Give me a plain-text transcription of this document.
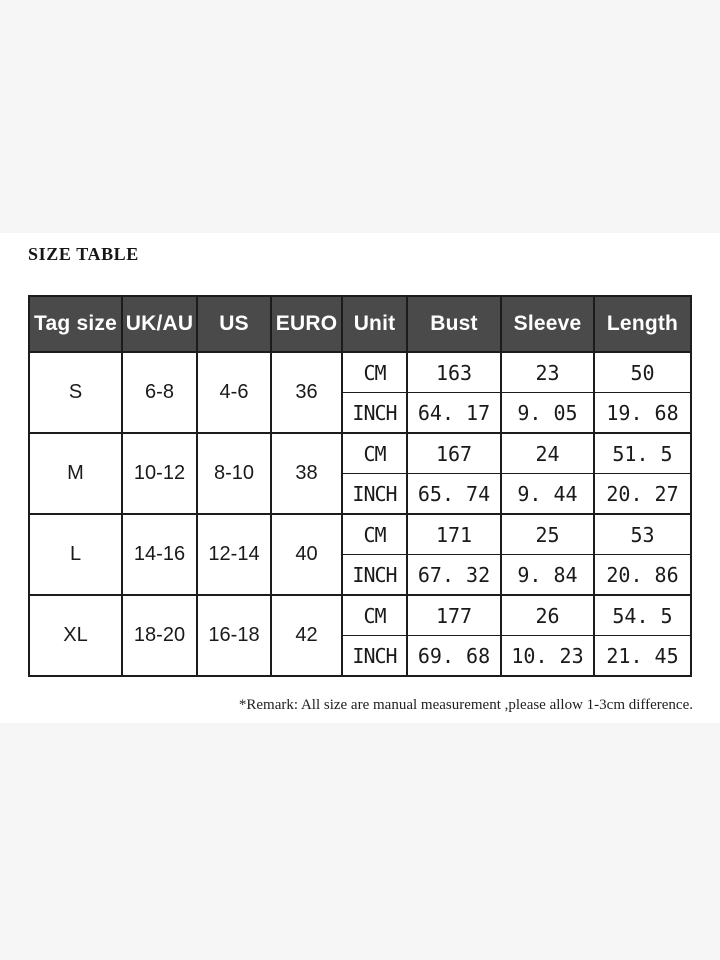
SIZE TABLE
Tag size	UK/AU	US	EURO	Unit	Bust	Sleeve	Length
S	6-8	4-6	36	CM	163	23	50
				INCH	64. 17	9. 05	19. 68
M	10-12	8-10	38	CM	167	24	51. 5
				INCH	65. 74	9. 44	20. 27
L	14-16	12-14	40	CM	171	25	53
				INCH	67. 32	9. 84	20. 86
XL	18-20	16-18	42	CM	177	26	54. 5
				INCH	69. 68	10. 23	21. 45
*Remark: All size are manual measurement ,please allow 1-3cm difference.
